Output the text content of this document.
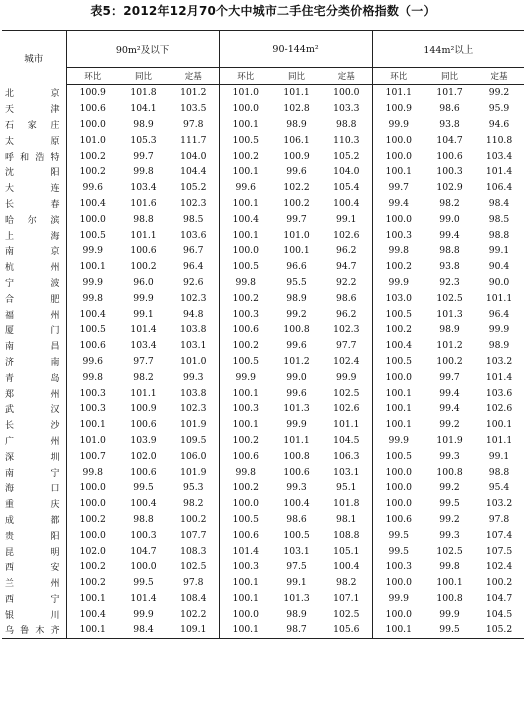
表5：2012年12月70个大中城市二手住宅分类价格指数（一）
城市	90m²及以下			90-144m²			144m²以上		
	环比	同比	定基	环比	同比	定基	环比	同比	定基
北京	100.9	101.8	101.2	101.0	101.1	100.0	101.1	101.7	99.2
天津	100.6	104.1	103.5	100.0	102.8	103.3	100.9	98.6	95.9
石家庄	100.0	98.9	97.8	100.1	98.9	98.8	99.9	93.8	94.6
太原	101.0	105.3	111.7	100.5	106.1	110.3	100.0	104.7	110.8
呼和浩特	100.2	99.7	104.0	100.2	100.9	105.2	100.0	100.6	103.4
沈阳	100.2	99.8	104.4	100.1	99.6	104.0	100.1	100.3	101.4
大连	99.6	103.4	105.2	99.6	102.2	105.4	99.7	102.9	106.4
长春	100.4	101.6	102.3	100.1	100.2	100.4	99.4	98.2	98.4
哈尔滨	100.0	98.8	98.5	100.4	99.7	99.1	100.0	99.0	98.5
上海	100.5	101.1	103.6	100.1	101.0	102.6	100.3	99.4	98.8
南京	99.9	100.6	96.7	100.0	100.1	96.2	99.8	98.8	99.1
杭州	100.1	100.2	96.4	100.5	96.6	94.7	100.2	93.8	90.4
宁波	99.9	96.0	92.6	99.8	95.5	92.2	99.9	92.3	90.0
合肥	99.8	99.9	102.3	100.2	98.9	98.6	103.0	102.5	101.1
福州	100.4	99.1	94.8	100.3	99.2	96.2	100.5	101.3	96.4
厦门	100.5	101.4	103.8	100.6	100.8	102.3	100.2	98.9	99.9
南昌	100.6	103.4	103.1	100.2	99.6	97.7	100.4	101.2	98.9
济南	99.6	97.7	101.0	100.5	101.2	102.4	100.5	100.2	103.2
青岛	99.8	98.2	99.3	99.9	99.0	99.9	100.0	99.7	101.4
郑州	100.3	101.1	103.8	100.1	99.6	102.5	100.1	99.4	103.6
武汉	100.3	100.9	102.3	100.3	101.3	102.6	100.1	99.4	102.6
长沙	100.1	100.6	101.9	100.1	99.9	101.1	100.1	99.2	100.1
广州	101.0	103.9	109.5	100.2	101.1	104.5	99.9	101.9	101.1
深圳	100.7	102.0	106.0	100.6	100.8	106.3	100.5	99.3	99.1
南宁	99.8	100.6	101.9	99.8	100.6	103.1	100.0	100.8	98.8
海口	100.0	99.5	95.3	100.2	99.3	95.1	100.0	99.2	95.4
重庆	100.0	100.4	98.2	100.0	100.4	101.8	100.0	99.5	103.2
成都	100.2	98.8	100.2	100.5	98.6	98.1	100.6	99.2	97.8
贵阳	100.0	100.3	107.7	100.6	100.5	108.8	99.5	99.3	107.4
昆明	102.0	104.7	108.3	101.4	103.1	105.1	99.5	102.5	107.5
西安	100.2	100.0	102.5	100.3	97.5	100.4	100.3	99.8	102.4
兰州	100.2	99.5	97.8	100.1	99.1	98.2	100.0	100.1	100.2
西宁	100.1	101.4	108.4	100.1	101.3	107.1	99.9	100.8	104.7
银川	100.4	99.9	102.2	100.0	98.9	102.5	100.0	99.9	104.5
乌鲁木齐	100.1	98.4	109.1	100.1	98.7	105.6	100.1	99.5	105.2
